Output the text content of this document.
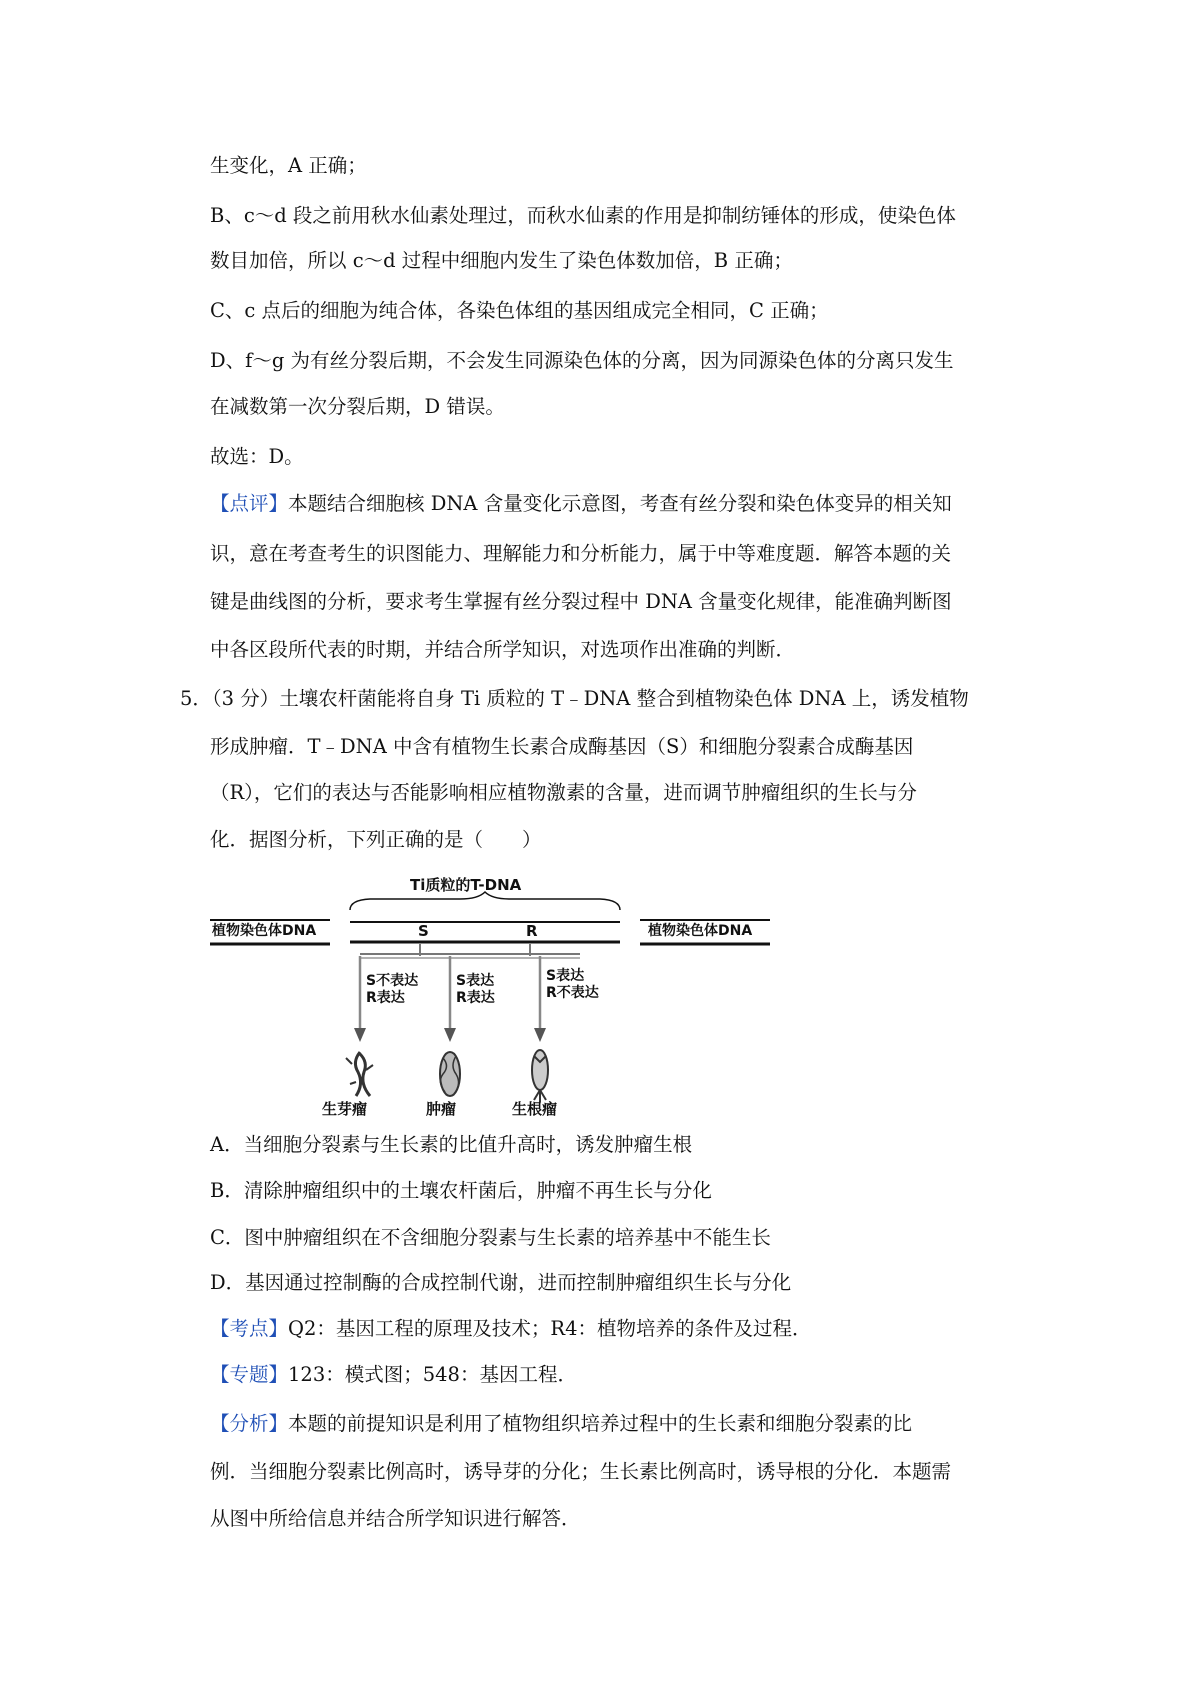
生变化，A 正确；
B、c～d 段之前用秋水仙素处理过，而秋水仙素的作用是抑制纺锤体的形成，使染色体
数目加倍，所以 c～d 过程中细胞内发生了染色体数加倍，B 正确；
C、c 点后的细胞为纯合体，各染色体组的基因组成完全相同，C 正确；
D、f～g 为有丝分裂后期，不会发生同源染色体的分离，因为同源染色体的分离只发生
在减数第一次分裂后期，D 错误。
故选：D。
【点评】本题结合细胞核 DNA 含量变化示意图，考查有丝分裂和染色体变异的相关知
识，意在考查考生的识图能力、理解能力和分析能力，属于中等难度题．解答本题的关
键是曲线图的分析，要求考生掌握有丝分裂过程中 DNA 含量变化规律，能准确判断图
中各区段所代表的时期，并结合所学知识，对选项作出准确的判断．
5．（3 分）土壤农杆菌能将自身 Ti 质粒的 T﹣DNA 整合到植物染色体 DNA 上，诱发植物
形成肿瘤．T﹣DNA 中含有植物生长素合成酶基因（S）和细胞分裂素合成酶基因
（R），它们的表达与否能影响相应植物激素的含量，进而调节肿瘤组织的生长与分
化．据图分析，下列正确的是（　　）
Ti质粒的T-DNA
植物染色体DNA	S	R	植物染色体DNA
S不表达
R表达
S表达
R表达
S表达
R不表达
生芽瘤	肿瘤	生根瘤
A．当细胞分裂素与生长素的比值升高时，诱发肿瘤生根
B．清除肿瘤组织中的土壤农杆菌后，肿瘤不再生长与分化
C．图中肿瘤组织在不含细胞分裂素与生长素的培养基中不能生长
D．基因通过控制酶的合成控制代谢，进而控制肿瘤组织生长与分化
【考点】Q2：基因工程的原理及技术；R4：植物培养的条件及过程．
【专题】123：模式图；548：基因工程．
【分析】本题的前提知识是利用了植物组织培养过程中的生长素和细胞分裂素的比
例．当细胞分裂素比例高时，诱导芽的分化；生长素比例高时，诱导根的分化．本题需
从图中所给信息并结合所学知识进行解答．
